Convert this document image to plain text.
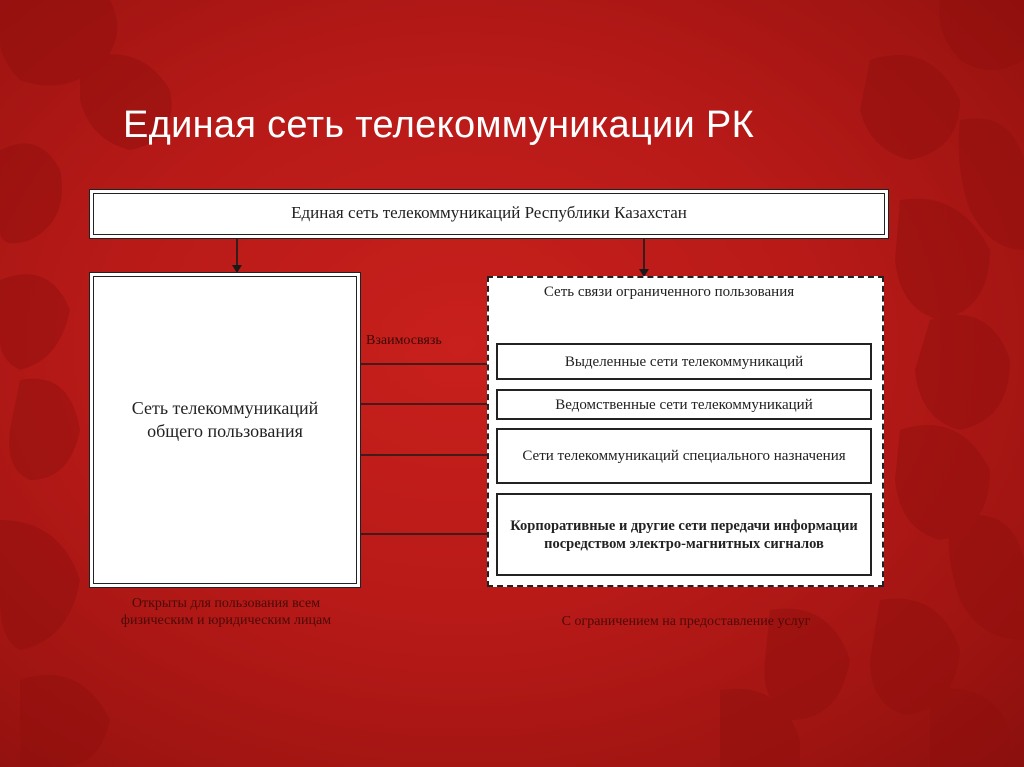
Единая сеть телекоммуникации РК
Единая сеть телекоммуникаций Республики Казахстан
Сеть телекоммуникаций общего пользования
Сеть связи ограниченного пользования
Выделенные сети телекоммуникаций
Ведомственные сети телекоммуникаций
Сети телекоммуникаций специального назначения
Корпоративные и другие сети передачи информации посредством электро-магнитных сигналов
Взаимосвязь
Открыты для пользования всем физическим и юридическим лицам	С ограничением на предоставление услуг
